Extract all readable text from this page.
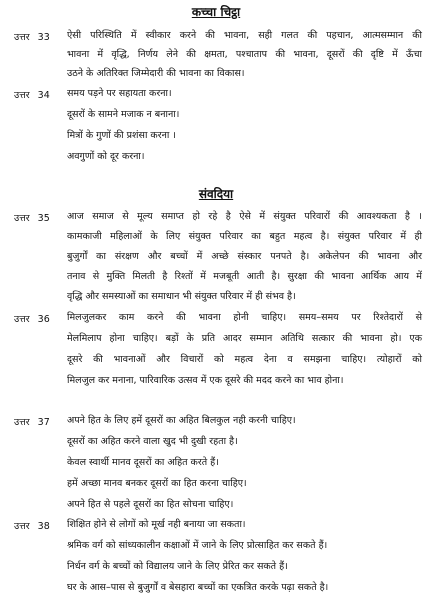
कच्चा चिट्ठा
उत्तर 33 ऐसी परिस्थिति में स्वीकार करने की भावना, सही गलत की पहचान, आत्मसम्मान की
भावना में वृद्धि, निर्णय लेने की क्षमता, पश्चाताप की भावना, दूसरों की दृष्टि में ऊँचा
उठने के अतिरिक्त जिम्मेदारी की भावना का विकास।
उत्तर 34 समय पड़ने पर सहायता करना।
दूसरों के सामने मजाक न बनाना।
मित्रों के गुणों की प्रशंसा करना ।
अवगुणों को दूर करना।
संवदिया
उत्तर 35 आज समाज से मूल्य समाप्त हो रहे है ऐसे में संयुक्त परिवारों की आवश्यकता है ।
कामकाजी महिलाओं के लिए संयुक्त परिवार का बहुत महत्व है। संयुक्त परिवार में ही
बुजुर्गों का संरक्षण और बच्चों में अच्छे संस्कार पनपते है। अकेलेपन की भावना और
तनाव से मुक्ति मिलती है रिश्तों में मजबूती आती है। सुरक्षा की भावना आर्थिक आय में
वृद्धि और समस्याओं का समाधान भी संयुक्त परिवार में ही संभव है।
उत्तर 36 मिलजुलकर काम करने की भावना होनी चाहिए। समय–समय पर रिश्तेदारों से
मेलमिलाप होना चाहिए। बड़ों के प्रति आदर सम्मान अतिथि सत्कार की भावना हो। एक
दूसरे की भावनाओं और विचारों को महत्व देना व समझना चाहिए। त्योहारों को
मिलजुल कर मनाना, पारिवारिक उत्सव में एक दूसरे की मदद करने का भाव होना।
उत्तर 37 अपने हित के लिए हमें दूसरों का अहित बिलकुल नही करनी चाहिए।
दूसरों का अहित करने वाला खुद भी दुखी रहता है।
केवल स्वार्थी मानव दूसरों का अहित करते हैं।
हमें अच्छा मानव बनकर दूसरों का हित करना चाहिए।
अपने हित से पहले दूसरों का हित सोचना चाहिए।
उत्तर 38 शिक्षित होने से लोगों को मूर्ख नही बनाया जा सकता।
श्रमिक वर्ग को सांध्यकालीन कक्षाओं में जाने के लिए प्रोत्साहित कर सकते हैं।
निर्धन वर्ग के बच्चों को विद्यालय जाने के लिए प्रेरित कर सकते हैं।
घर के आस–पास से बुजुर्गों व बेसहारा बच्चों का एकत्रित करके पढ़ा सकते है।
